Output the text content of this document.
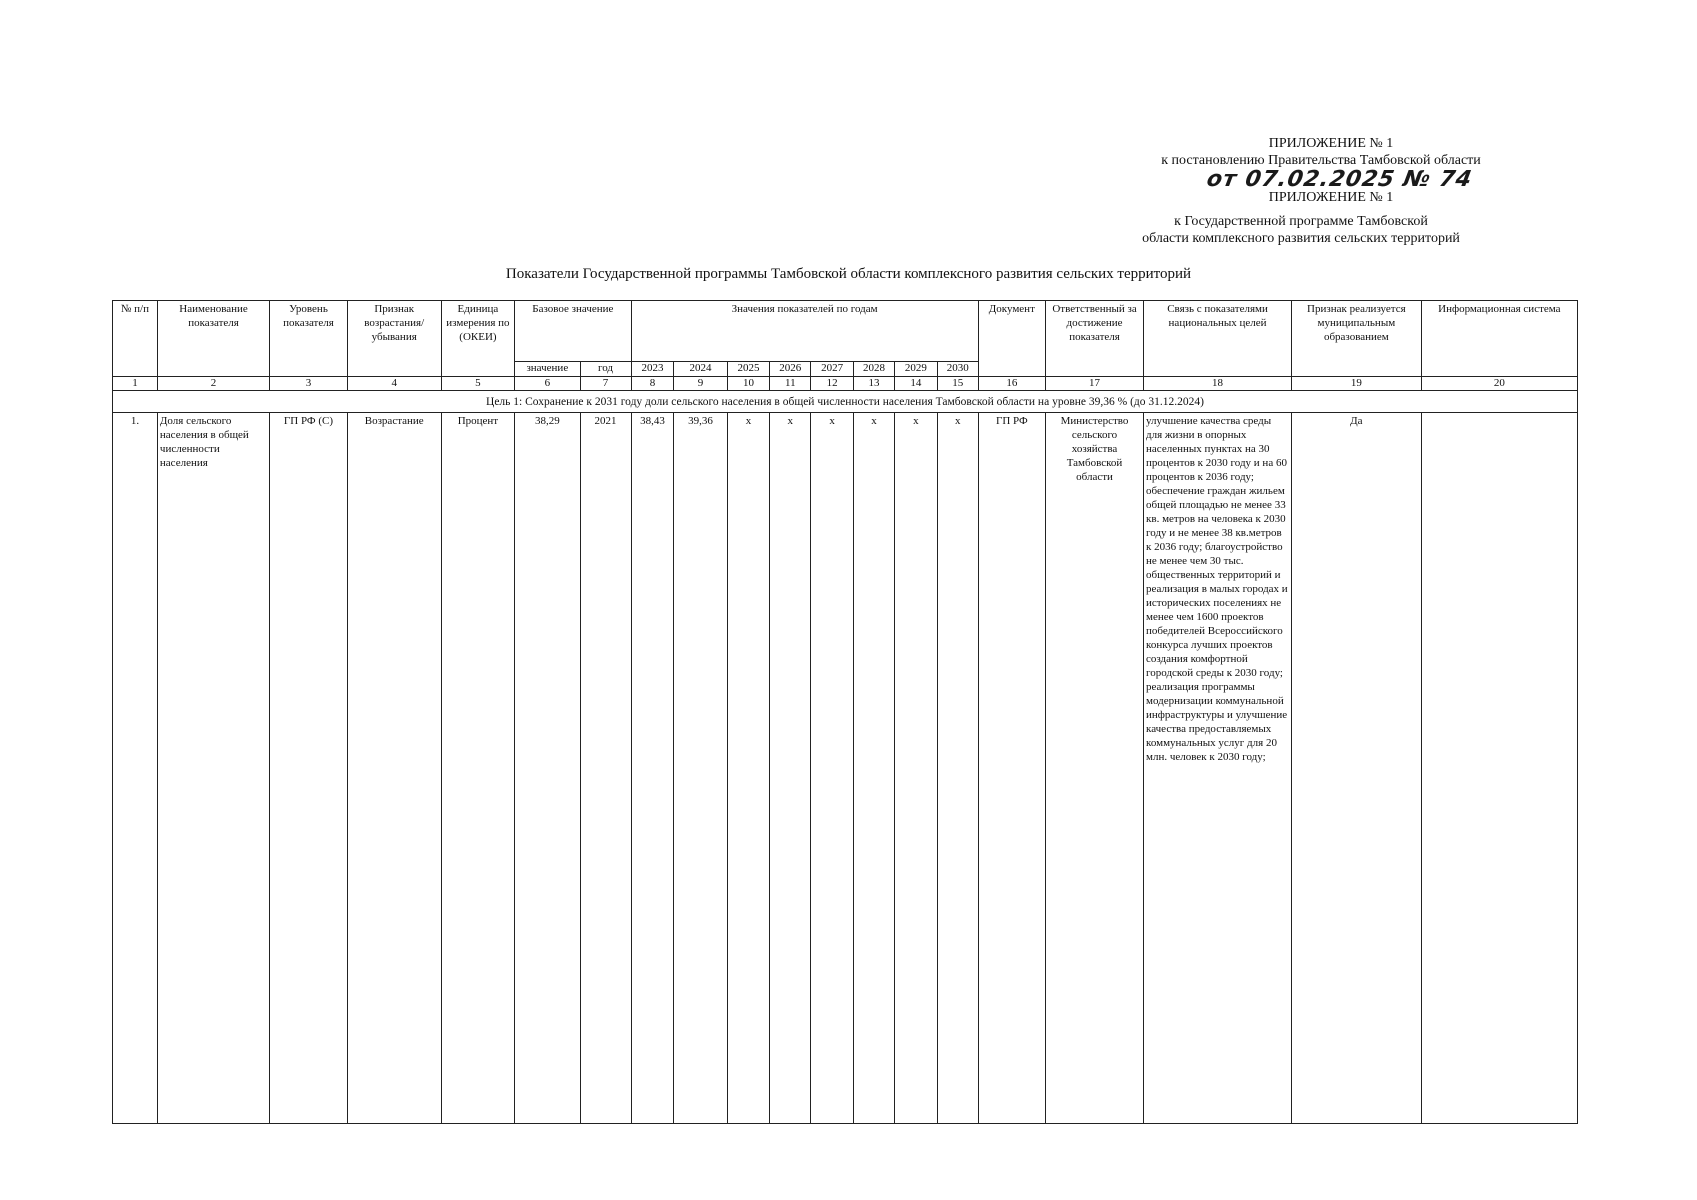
ПРИЛОЖЕНИЕ № 1
к постановлению Правительства Тамбовской области
от 07.02.2025 № 74
ПРИЛОЖЕНИЕ № 1
к Государственной программе Тамбовской
области комплексного развития сельских территорий
Показатели Государственной программы Тамбовской области комплексного развития сельских территорий
№ п/п	Наименование показателя	Уровень показателя	Признак возрастания/ убывания	Единица измерения по (ОКЕИ)	Базовое значение		Значения показателей по годам								Документ	Ответственный за достижение показателя	Связь с показателями национальных целей	Признак реализуется муниципальным образованием	Информационная система
					значение	год	2023	2024	2025	2026	2027	2028	2029	2030					
1	2	3	4	5	6	7	8	9	10	11	12	13	14	15	16	17	18	19	20
Цель 1: Сохранение к 2031 году доли сельского населения в общей численности населения Тамбовской области на уровне 39,36 % (до 31.12.2024)																			
1.	Доля сельского населения в общей численности населения	ГП РФ (С)	Возрастание	Процент	38,29	2021	38,43	39,36	х	х	х	х	х	х	ГП РФ	Министерство сельского хозяйства Тамбовской области	улучшение качества среды для жизни в опорных населенных пунктах на 30 процентов к 2030 году и на 60 процентов к 2036 году; обеспечение граждан жильем общей площадью не менее 33 кв. метров на человека к 2030 году и не менее 38 кв.метров к 2036 году; благоустройство не менее чем 30 тыс. общественных территорий и реализация в малых городах и исторических поселениях не менее чем 1600 проектов победителей Всероссийского конкурса лучших проектов создания комфортной городской среды к 2030 году; реализация программы модернизации коммунальной инфраструктуры и улучшение качества предоставляемых коммунальных услуг для 20 млн. человек к 2030 году;	Да	
